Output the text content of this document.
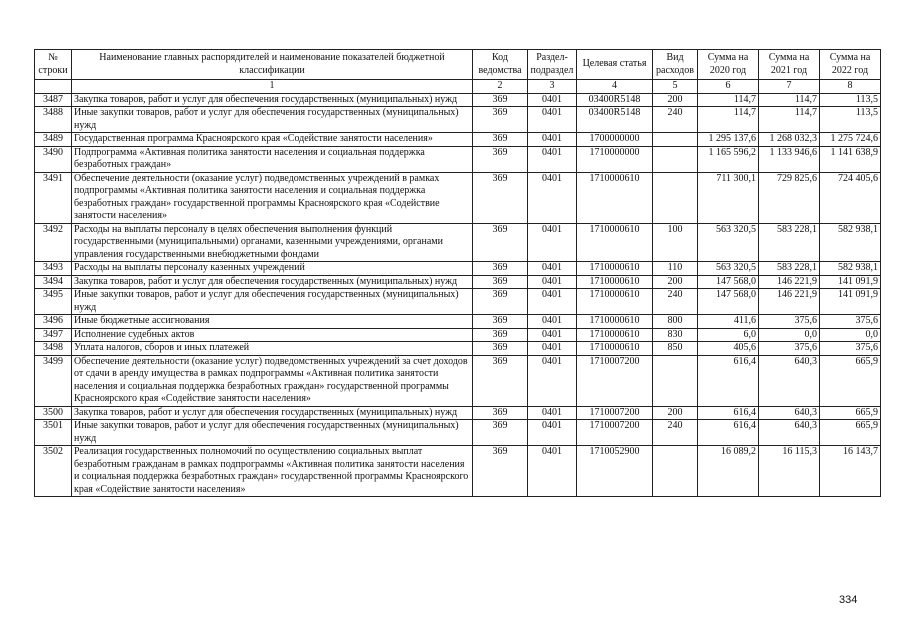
№ строки	Наименование главных распорядителей и наименование показателей бюджетной классификации	Код ведомства	Раздел-подраздел	Целевая статья	Вид расходов	Сумма на 2020 год	Сумма на 2021 год	Сумма на 2022 год
	1	2	3	4	5	6	7	8
3487	Закупка товаров, работ и услуг для обеспечения государственных (муниципальных) нужд	369	0401	03400R5148	200	114,7	114,7	113,5
3488	Иные закупки товаров, работ и услуг для обеспечения государственных (муниципальных) нужд	369	0401	03400R5148	240	114,7	114,7	113,5
3489	Государственная программа Красноярского края «Содействие занятости населения»	369	0401	1700000000		1 295 137,6	1 268 032,3	1 275 724,6
3490	Подпрограмма «Активная политика занятости населения и социальная поддержка безработных граждан»	369	0401	1710000000		1 165 596,2	1 133 946,6	1 141 638,9
3491	Обеспечение деятельности (оказание услуг) подведомственных учреждений в рамках подпрограммы «Активная политика занятости населения и социальная поддержка безработных граждан» государственной программы Красноярского края «Содействие занятости населения»	369	0401	1710000610		711 300,1	729 825,6	724 405,6
3492	Расходы на выплаты персоналу в целях обеспечения выполнения функций государственными (муниципальными) органами, казенными учреждениями, органами управления государственными внебюджетными фондами	369	0401	1710000610	100	563 320,5	583 228,1	582 938,1
3493	Расходы на выплаты персоналу казенных учреждений	369	0401	1710000610	110	563 320,5	583 228,1	582 938,1
3494	Закупка товаров, работ и услуг для обеспечения государственных (муниципальных) нужд	369	0401	1710000610	200	147 568,0	146 221,9	141 091,9
3495	Иные закупки товаров, работ и услуг для обеспечения государственных (муниципальных) нужд	369	0401	1710000610	240	147 568,0	146 221,9	141 091,9
3496	Иные бюджетные ассигнования	369	0401	1710000610	800	411,6	375,6	375,6
3497	Исполнение судебных актов	369	0401	1710000610	830	6,0	0,0	0,0
3498	Уплата налогов, сборов и иных платежей	369	0401	1710000610	850	405,6	375,6	375,6
3499	Обеспечение деятельности (оказание услуг) подведомственных учреждений за счет доходов от сдачи в аренду имущества в рамках подпрограммы «Активная политика занятости населения и социальная поддержка безработных граждан» государственной программы Красноярского края «Содействие занятости населения»	369	0401	1710007200		616,4	640,3	665,9
3500	Закупка товаров, работ и услуг для обеспечения государственных (муниципальных) нужд	369	0401	1710007200	200	616,4	640,3	665,9
3501	Иные закупки товаров, работ и услуг для обеспечения государственных (муниципальных) нужд	369	0401	1710007200	240	616,4	640,3	665,9
3502	Реализация государственных полномочий по осуществлению социальных выплат безработным гражданам в рамках подпрограммы «Активная политика занятости населения и социальная поддержка безработных граждан» государственной программы Красноярского края «Содействие занятости населения»	369	0401	1710052900		16 089,2	16 115,3	16 143,7
334
